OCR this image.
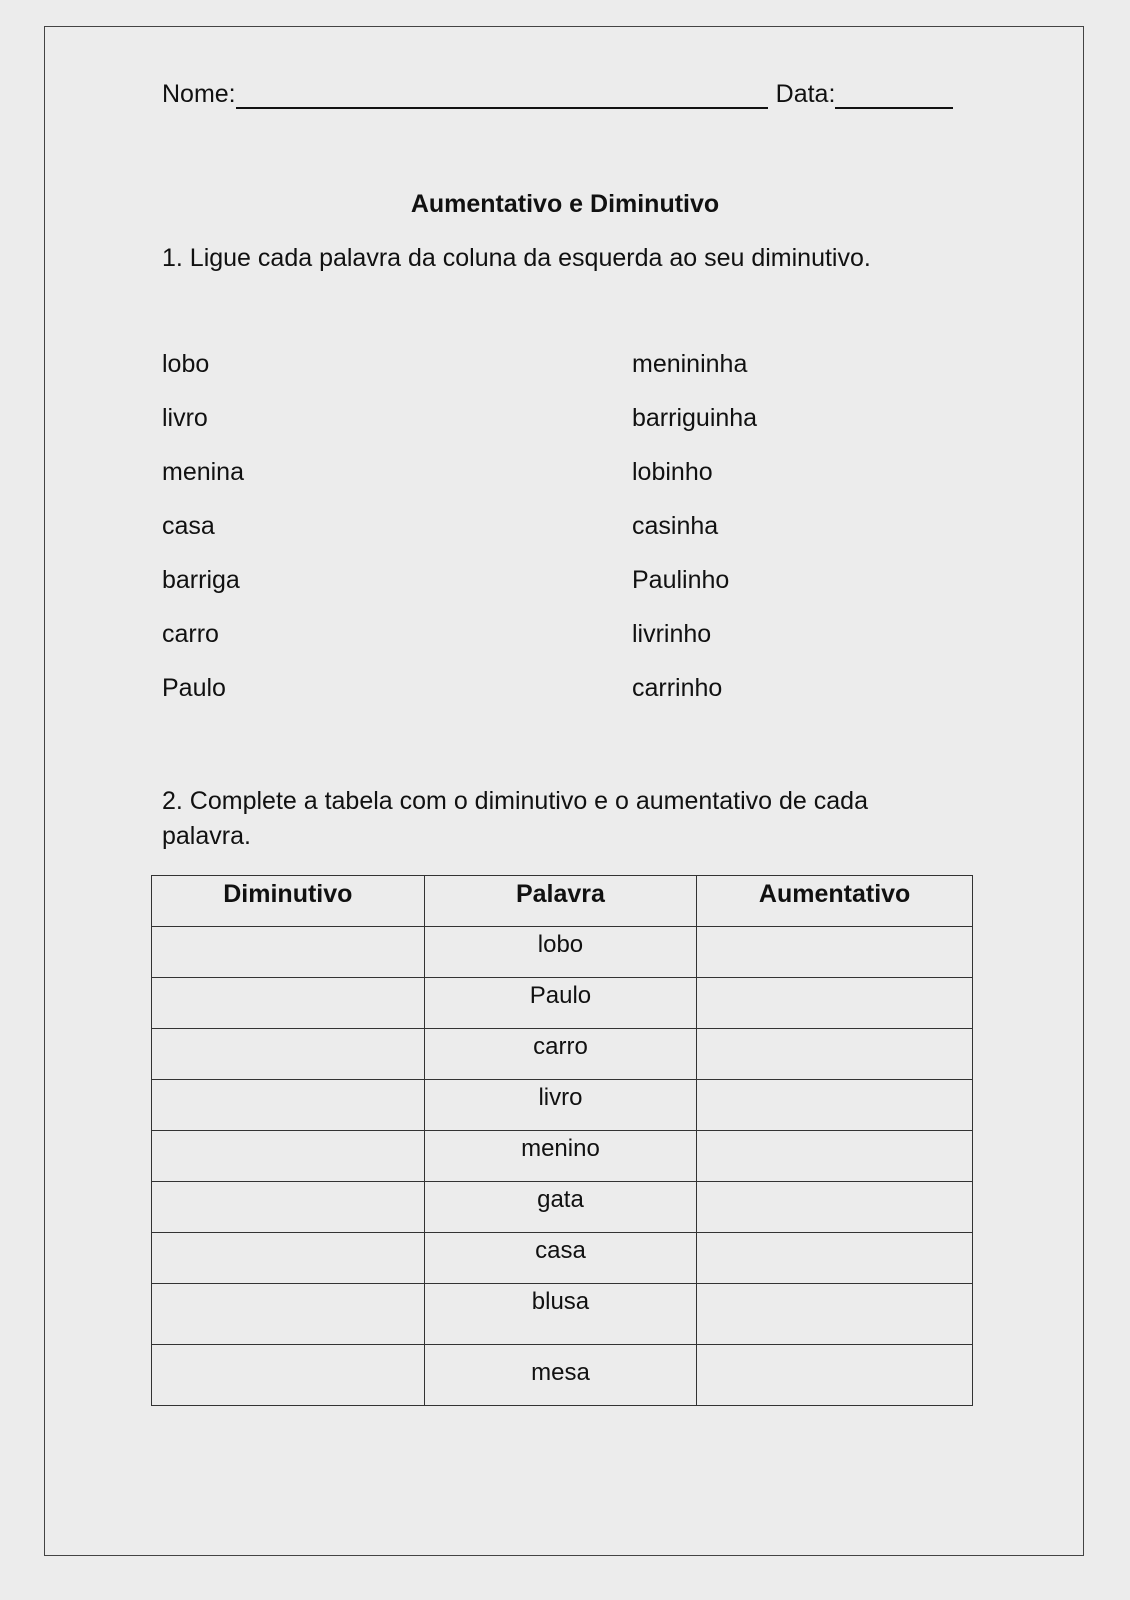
Nome:	Data:
Aumentativo e Diminutivo
1. Ligue cada palavra da coluna da esquerda ao seu diminutivo.
lobo
livro
menina
casa
barriga
carro
Paulo
menininha
barriguinha
lobinho
casinha
Paulinho
livrinho
carrinho
2. Complete a tabela com o diminutivo e o aumentativo de cada palavra.
Diminutivo	Palavra	Aumentativo
	lobo	
	Paulo	
	carro	
	livro	
	menino	
	gata	
	casa	
	blusa	
	mesa	
